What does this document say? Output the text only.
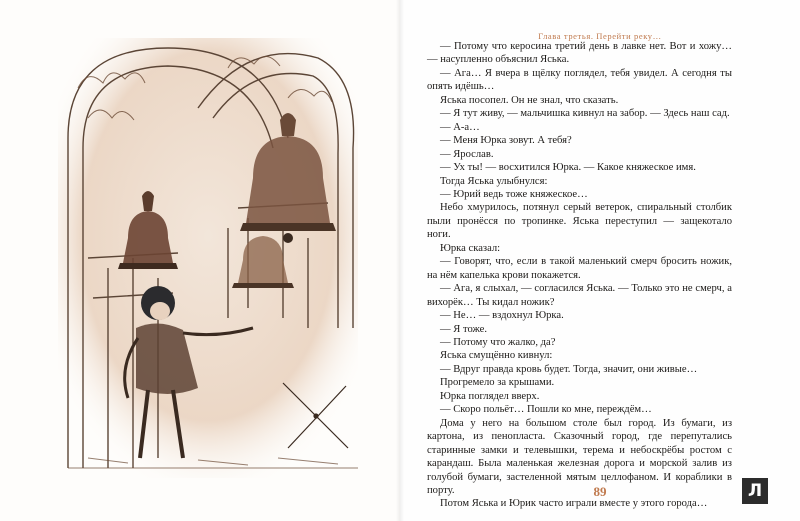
Глава третья. Перейти реку…
89

— Потому что керосина третий день в лавке нет. Вот и хожу… — насупленно объяснил Яська.

— Ага… Я вчера в щёлку поглядел, тебя увидел. А сегодня ты опять идёшь…

Яська посопел. Он не знал, что сказать.

— Я тут живу, — мальчишка кивнул на забор. — Здесь наш сад.

— А-а…

— Меня Юрка зовут. А тебя?

— Ярослав.

— Ух ты! — восхитился Юрка. — Какое княжеское имя.

Тогда Яська улыбнулся:

— Юрий ведь тоже княжеское…

Небо хмурилось, потянул серый ветерок, спиральный столбик пыли пронёсся по тропинке. Яська переступил — защекотало ноги.

Юрка сказал:

— Говорят, что, если в такой маленький смерч бросить ножик, на нём капелька крови покажется.

— Ага, я слыхал, — согласился Яська. — Только это не смерч, а вихорёк… Ты кидал ножик?

— Не… — вздохнул Юрка.

— Я тоже.

— Потому что жалко, да?

Яська смущённо кивнул:

— Вдруг правда кровь будет. Тогда, значит, они живые…

Прогремело за крышами.

Юрка поглядел вверх.

— Скоро польёт… Пошли ко мне, переждём…

Дома у него на большом столе был город. Из бумаги, из картона, из пенопласта. Сказочный город, где перепутались старинные замки и телевышки, терема и небоскрёбы ростом с карандаш. Была маленькая железная дорога и морской залив из голубой бумаги, застеленной мятым целлофаном. И кораблики в порту.

Потом Яська и Юрик часто играли вместе у этого города…

Л
